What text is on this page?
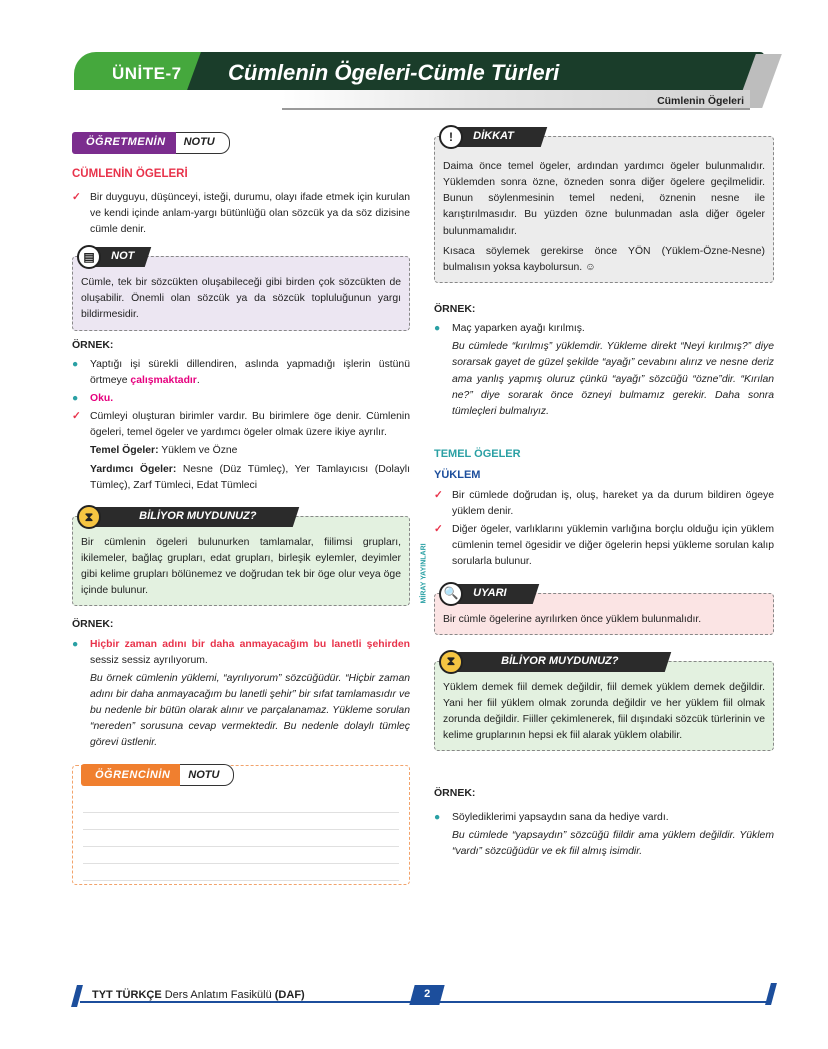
ÜNİTE-7 Cümlenin Ögeleri-Cümle Türleri
Cümlenin Ögeleri
ÖĞRETMENİN	NOTU
CÜMLENİN ÖGELERİ
✓ Bir duyguyu, düşünceyi, isteği, durumu, olayı ifade etmek için kurulan ve kendi içinde anlam-yargı bütünlüğü olan sözcük ya da söz dizisine cümle denir.
▤	NOT
Cümle, tek bir sözcükten oluşabileceği gibi birden çok sözcükten de oluşabilir. Önemli olan sözcük ya da sözcük topluluğunun yargı bildirmesidir.
ÖRNEK:
●	Yaptığı işi sürekli dillendiren, aslında yapmadığı işlerin üstünü örtmeye çalışmaktadır.
●	Oku.
✓ Cümleyi oluşturan birimler vardır. Bu birimlere öge denir. Cümlenin ögeleri, temel ögeler ve yardımcı ögeler olmak üzere ikiye ayrılır.
Temel Ögeler: Yüklem ve Özne
Yardımcı Ögeler: Nesne (Düz Tümleç), Yer Tamlayıcısı (Dolaylı Tümleç), Zarf Tümleci, Edat Tümleci
⧗	BİLİYOR MUYDUNUZ?
Bir cümlenin ögeleri bulunurken tamlamalar, fiilimsi grupları, ikilemeler, bağlaç grupları, edat grupları, birleşik eylemler, deyimler gibi kelime grupları bölünemez ve doğrudan tek bir öge olur veya öge içinde bulunur.
ÖRNEK:
●	Hiçbir zaman adını bir daha anmayacağım bu lanetli şehirden sessiz sessiz ayrılıyorum.
Bu örnek cümlenin yüklemi, “ayrılıyorum” sözcüğüdür. “Hiçbir zaman adını bir daha anmayacağım bu lanetli şehir” bir sıfat tamlamasıdır ve bu nedenle bir bütün olarak alınır ve parçalanamaz. Yükleme sorulan “nereden” sorusuna cevap vermektedir. Bu nedenle dolaylı tümleç görevi üstlenir.
ÖĞRENCİNİN	NOTU
MİRAY YAYINLARI
!	DİKKAT
Daima önce temel ögeler, ardından yardımcı ögeler bulunmalıdır. Yüklemden sonra özne, özneden sonra diğer ögelere geçilmelidir. Bunun söylenmesinin temel nedeni, öznenin nesne ile karıştırılmasıdır. Bu yüzden özne bulunmadan asla diğer ögeler bulunmamalıdır.
Kısaca söylemek gerekirse önce YÖN (Yüklem-Özne-Nesne) bulmalısın yoksa kaybolursun. ☺
ÖRNEK:
●	Maç yaparken ayağı kırılmış.
Bu cümlede “kırılmış” yüklemdir. Yükleme direkt “Neyi kırılmış?” diye sorarsak gayet de güzel şekilde “ayağı” cevabını alırız ve nesne deriz ama yanlış yapmış oluruz çünkü “ayağı” sözcüğü “özne”dir. “Kırılan ne?” diye sorarak önce özneyi bulmamız gerekir. Daha sonra tümleçleri bulmalıyız.
TEMEL ÖGELER
YÜKLEM
✓ Bir cümlede doğrudan iş, oluş, hareket ya da durum bildiren ögeye yüklem denir.
✓ Diğer ögeler, varlıklarını yüklemin varlığına borçlu olduğu için yüklem cümlenin temel ögesidir ve diğer ögelerin hepsi yükleme sorulan kalıp sorularla bulunur.
🔍	UYARI
Bir cümle ögelerine ayrılırken önce yüklem bulunmalıdır.
⧗	BİLİYOR MUYDUNUZ?
Yüklem demek fiil demek değildir, fiil demek yüklem demek değildir. Yani her fiil yüklem olmak zorunda değildir ve her yüklem fiil olmak zorunda değildir. Fiiller çekimlenerek, fiil dışındaki sözcük türlerinin ve kelime gruplarının hepsi ek fiil alarak yüklem olabilir.
ÖRNEK:
●	Söylediklerimi yapsaydın sana da hediye vardı.
Bu cümlede “yapsaydın” sözcüğü fiildir ama yüklem değildir. Yüklem “vardı” sözcüğüdür ve ek fiil almış isimdir.
TYT TÜRKÇE Ders Anlatım Fasikülü (DAF)	2
